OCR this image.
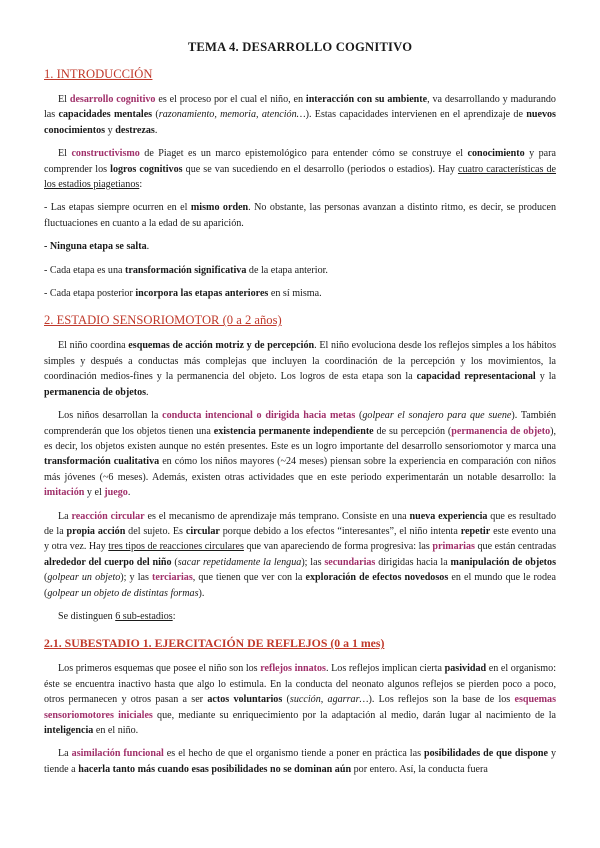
TEMA 4. DESARROLLO COGNITIVO
1. INTRODUCCIÓN

El desarrollo cognitivo es el proceso por el cual el niño, en interacción con su ambiente, va desarrollando y madurando las capacidades mentales (razonamiento, memoria, atención…). Estas capacidades intervienen en el aprendizaje de nuevos conocimientos y destrezas.

El constructivismo de Piaget es un marco epistemológico para entender cómo se construye el conocimiento y para comprender los logros cognitivos que se van sucediendo en el desarrollo (periodos o estadios). Hay cuatro características de los estadios piagetianos:

- Las etapas siempre ocurren en el mismo orden. No obstante, las personas avanzan a distinto ritmo, es decir, se producen fluctuaciones en cuanto a la edad de su aparición.

- Ninguna etapa se salta.

- Cada etapa es una transformación significativa de la etapa anterior.

- Cada etapa posterior incorpora las etapas anteriores en sí misma.

2. ESTADIO SENSORIOMOTOR (0 a 2 años)

El niño coordina esquemas de acción motriz y de percepción. El niño evoluciona desde los reflejos simples a los hábitos simples y después a conductas más complejas que incluyen la coordinación de la percepción y los movimientos, la coordinación medios-fines y la permanencia del objeto. Los logros de esta etapa son la capacidad representacional y la permanencia de objetos.

Los niños desarrollan la conducta intencional o dirigida hacia metas (golpear el sonajero para que suene). También comprenderán que los objetos tienen una existencia permanente independiente de su percepción (permanencia de objeto), es decir, los objetos existen aunque no estén presentes. Este es un logro importante del desarrollo sensoriomotor y marca una transformación cualitativa en cómo los niños mayores (~24 meses) piensan sobre la experiencia en comparación con niños más jóvenes (~6 meses). Además, existen otras actividades que en este periodo experimentarán un notable desarrollo: la imitación y el juego.

La reacción circular es el mecanismo de aprendizaje más temprano. Consiste en una nueva experiencia que es resultado de la propia acción del sujeto. Es circular porque debido a los efectos “interesantes”, el niño intenta repetir este evento una y otra vez. Hay tres tipos de reacciones circulares que van apareciendo de forma progresiva: las primarias que están centradas alrededor del cuerpo del niño (sacar repetidamente la lengua); las secundarias dirigidas hacia la manipulación de objetos (golpear un objeto); y las terciarias, que tienen que ver con la exploración de efectos novedosos en el mundo que le rodea (golpear un objeto de distintas formas).

Se distinguen 6 sub-estadios:

2.1. SUBESTADIO 1. EJERCITACIÓN DE REFLEJOS (0 a 1 mes)

Los primeros esquemas que posee el niño son los reflejos innatos. Los reflejos implican cierta pasividad en el organismo: éste se encuentra inactivo hasta que algo lo estimula. En la conducta del neonato algunos reflejos se pierden poco a poco, otros permanecen y otros pasan a ser actos voluntarios (succión, agarrar…). Los reflejos son la base de los esquemas sensoriomotores iniciales que, mediante su enriquecimiento por la adaptación al medio, darán lugar al nacimiento de la inteligencia en el niño.

La asimilación funcional es el hecho de que el organismo tiende a poner en práctica las posibilidades de que dispone y tiende a hacerla tanto más cuando esas posibilidades no se dominan aún por entero. Así, la conducta fuera
